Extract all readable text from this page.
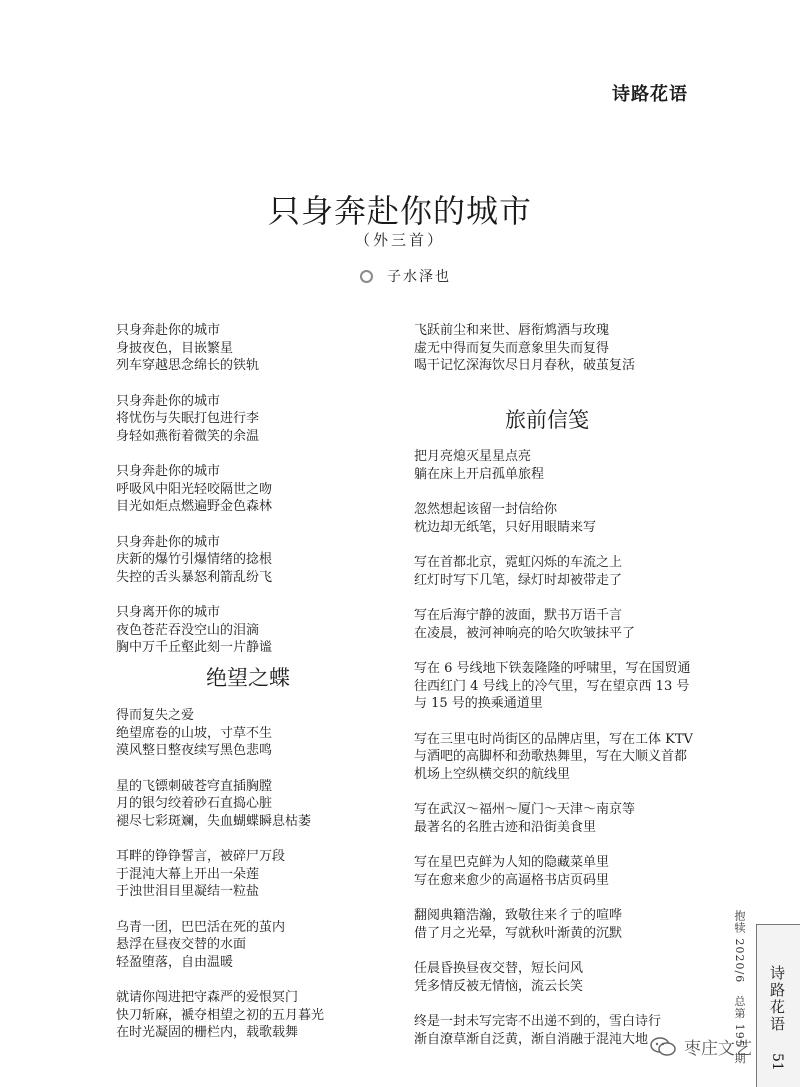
诗路花语
只身奔赴你的城市
（外三首）
子水泽也
只身奔赴你的城市
身披夜色，目嵌繁星
列车穿越思念绵长的铁轨
只身奔赴你的城市
将忧伤与失眠打包进行李
身轻如燕衔着微笑的余温
只身奔赴你的城市
呼吸风中阳光轻咬隔世之吻
目光如炬点燃遍野金色森林
只身奔赴你的城市
庆新的爆竹引爆情绪的捻根
失控的舌头暴怒利箭乱纷飞
只身离开你的城市
夜色苍茫吞没空山的泪滴
胸中万千丘壑此刻一片静谧
绝望之蝶
得而复失之爱
绝望席卷的山坡，寸草不生
漠风整日整夜续写黑色悲鸣
星的飞镖刺破苍穹直插胸膛
月的银匀绞着砂石直捣心脏
褪尽七彩斑斓，失血蝴蝶瞬息枯萎
耳畔的铮铮誓言，被碎尸万段
于混沌大幕上开出一朵莲
于浊世泪目里凝结一粒盐
乌青一团，巴巴活在死的茧内
悬浮在昼夜交替的水面
轻盈堕落，自由温暖
就请你闯进把守森严的爱恨冥门
快刀斩麻，褫夺相望之初的五月暮光
在时光凝固的栅栏内，载歌载舞
飞跃前尘和来世、唇衔鸩酒与玫瑰
虚无中得而复失而意象里失而复得
喝干记忆深海饮尽日月春秋，破茧复活
旅前信笺
把月亮熄灭星星点亮
躺在床上开启孤单旅程
忽然想起该留一封信给你
枕边却无纸笔，只好用眼睛来写
写在首都北京，霓虹闪烁的车流之上
红灯时写下几笔，绿灯时却被带走了
写在后海宁静的波面，默书万语千言
在凌晨，被河神响亮的哈欠吹皱抹平了
写在 6 号线地下铁轰隆隆的呼啸里，写在国贸通往西红门 4 号线上的冷气里，写在望京西 13 号与 15 号的换乘通道里
写在三里屯时尚街区的品牌店里，写在工体 KTV 与酒吧的高脚杯和劲歌热舞里，写在大顺义首都机场上空纵横交织的航线里
写在武汉～福州～厦门～天津～南京等
最著名的名胜古迹和沿街美食里
写在星巴克鲜为人知的隐藏菜单里
写在愈来愈少的高逼格书店页码里
翻阅典籍浩瀚，致敬往来彳亍的喧哗
借了月之光晕，写就秋叶渐黄的沉默
任晨昏换昼夜交替，短长问风
凭多情反被无情恼，流云长笑
终是一封未写完寄不出递不到的，雪白诗行
渐自潦草渐自泛黄，渐自消融于混沌大地	抱犊 2020/6　总第 195 期 诗路花语
51
枣庄文艺
